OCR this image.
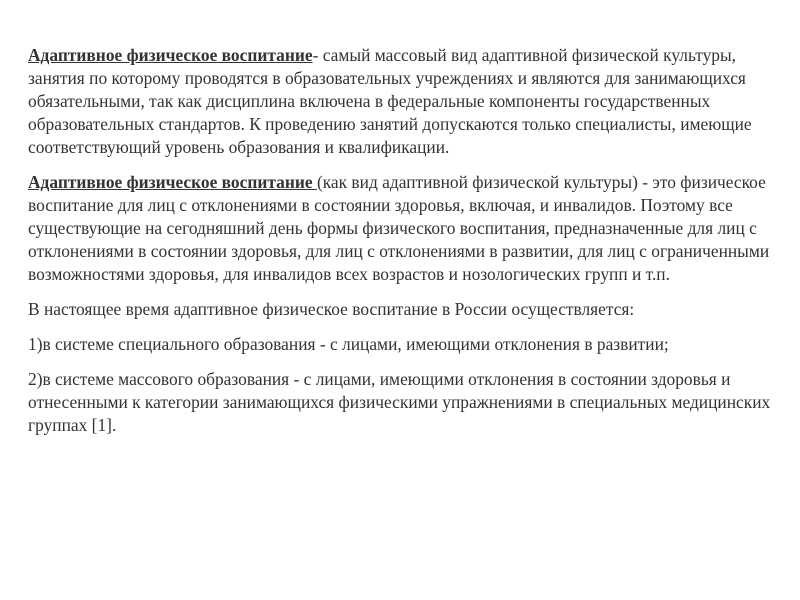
Адаптивное физическое воспитание- самый массовый вид адаптивной физической культуры, занятия по которому проводятся в образовательных учреждениях и являются для занимающихся обязательными, так как дисциплина включена в федеральные компоненты государственных образовательных стандартов. К проведению занятий допускаются только специалисты, имеющие соответствующий уровень образования и квалификации.

Адаптивное физическое воспитание (как вид адаптивной физической культуры) - это физическое воспитание для лиц с отклонениями в состоянии здоровья, включая, и инвалидов. Поэтому все существующие на сегодняшний день формы физического воспитания, предназначенные для лиц с отклонениями в состоянии здоровья, для лиц с отклонениями в развитии, для лиц с ограниченными возможностями здоровья, для инвалидов всех возрастов и нозологических групп и т.п.

В настоящее время адаптивное физическое воспитание в России осуществляется:

1)в системе специального образования - с лицами, имеющими отклонения в развитии;

2)в системе массового образования - с лицами, имеющими отклонения в состоянии здоровья и отнесенными к категории занимающихся физическими упражнениями в специальных медицинских группах [1].
